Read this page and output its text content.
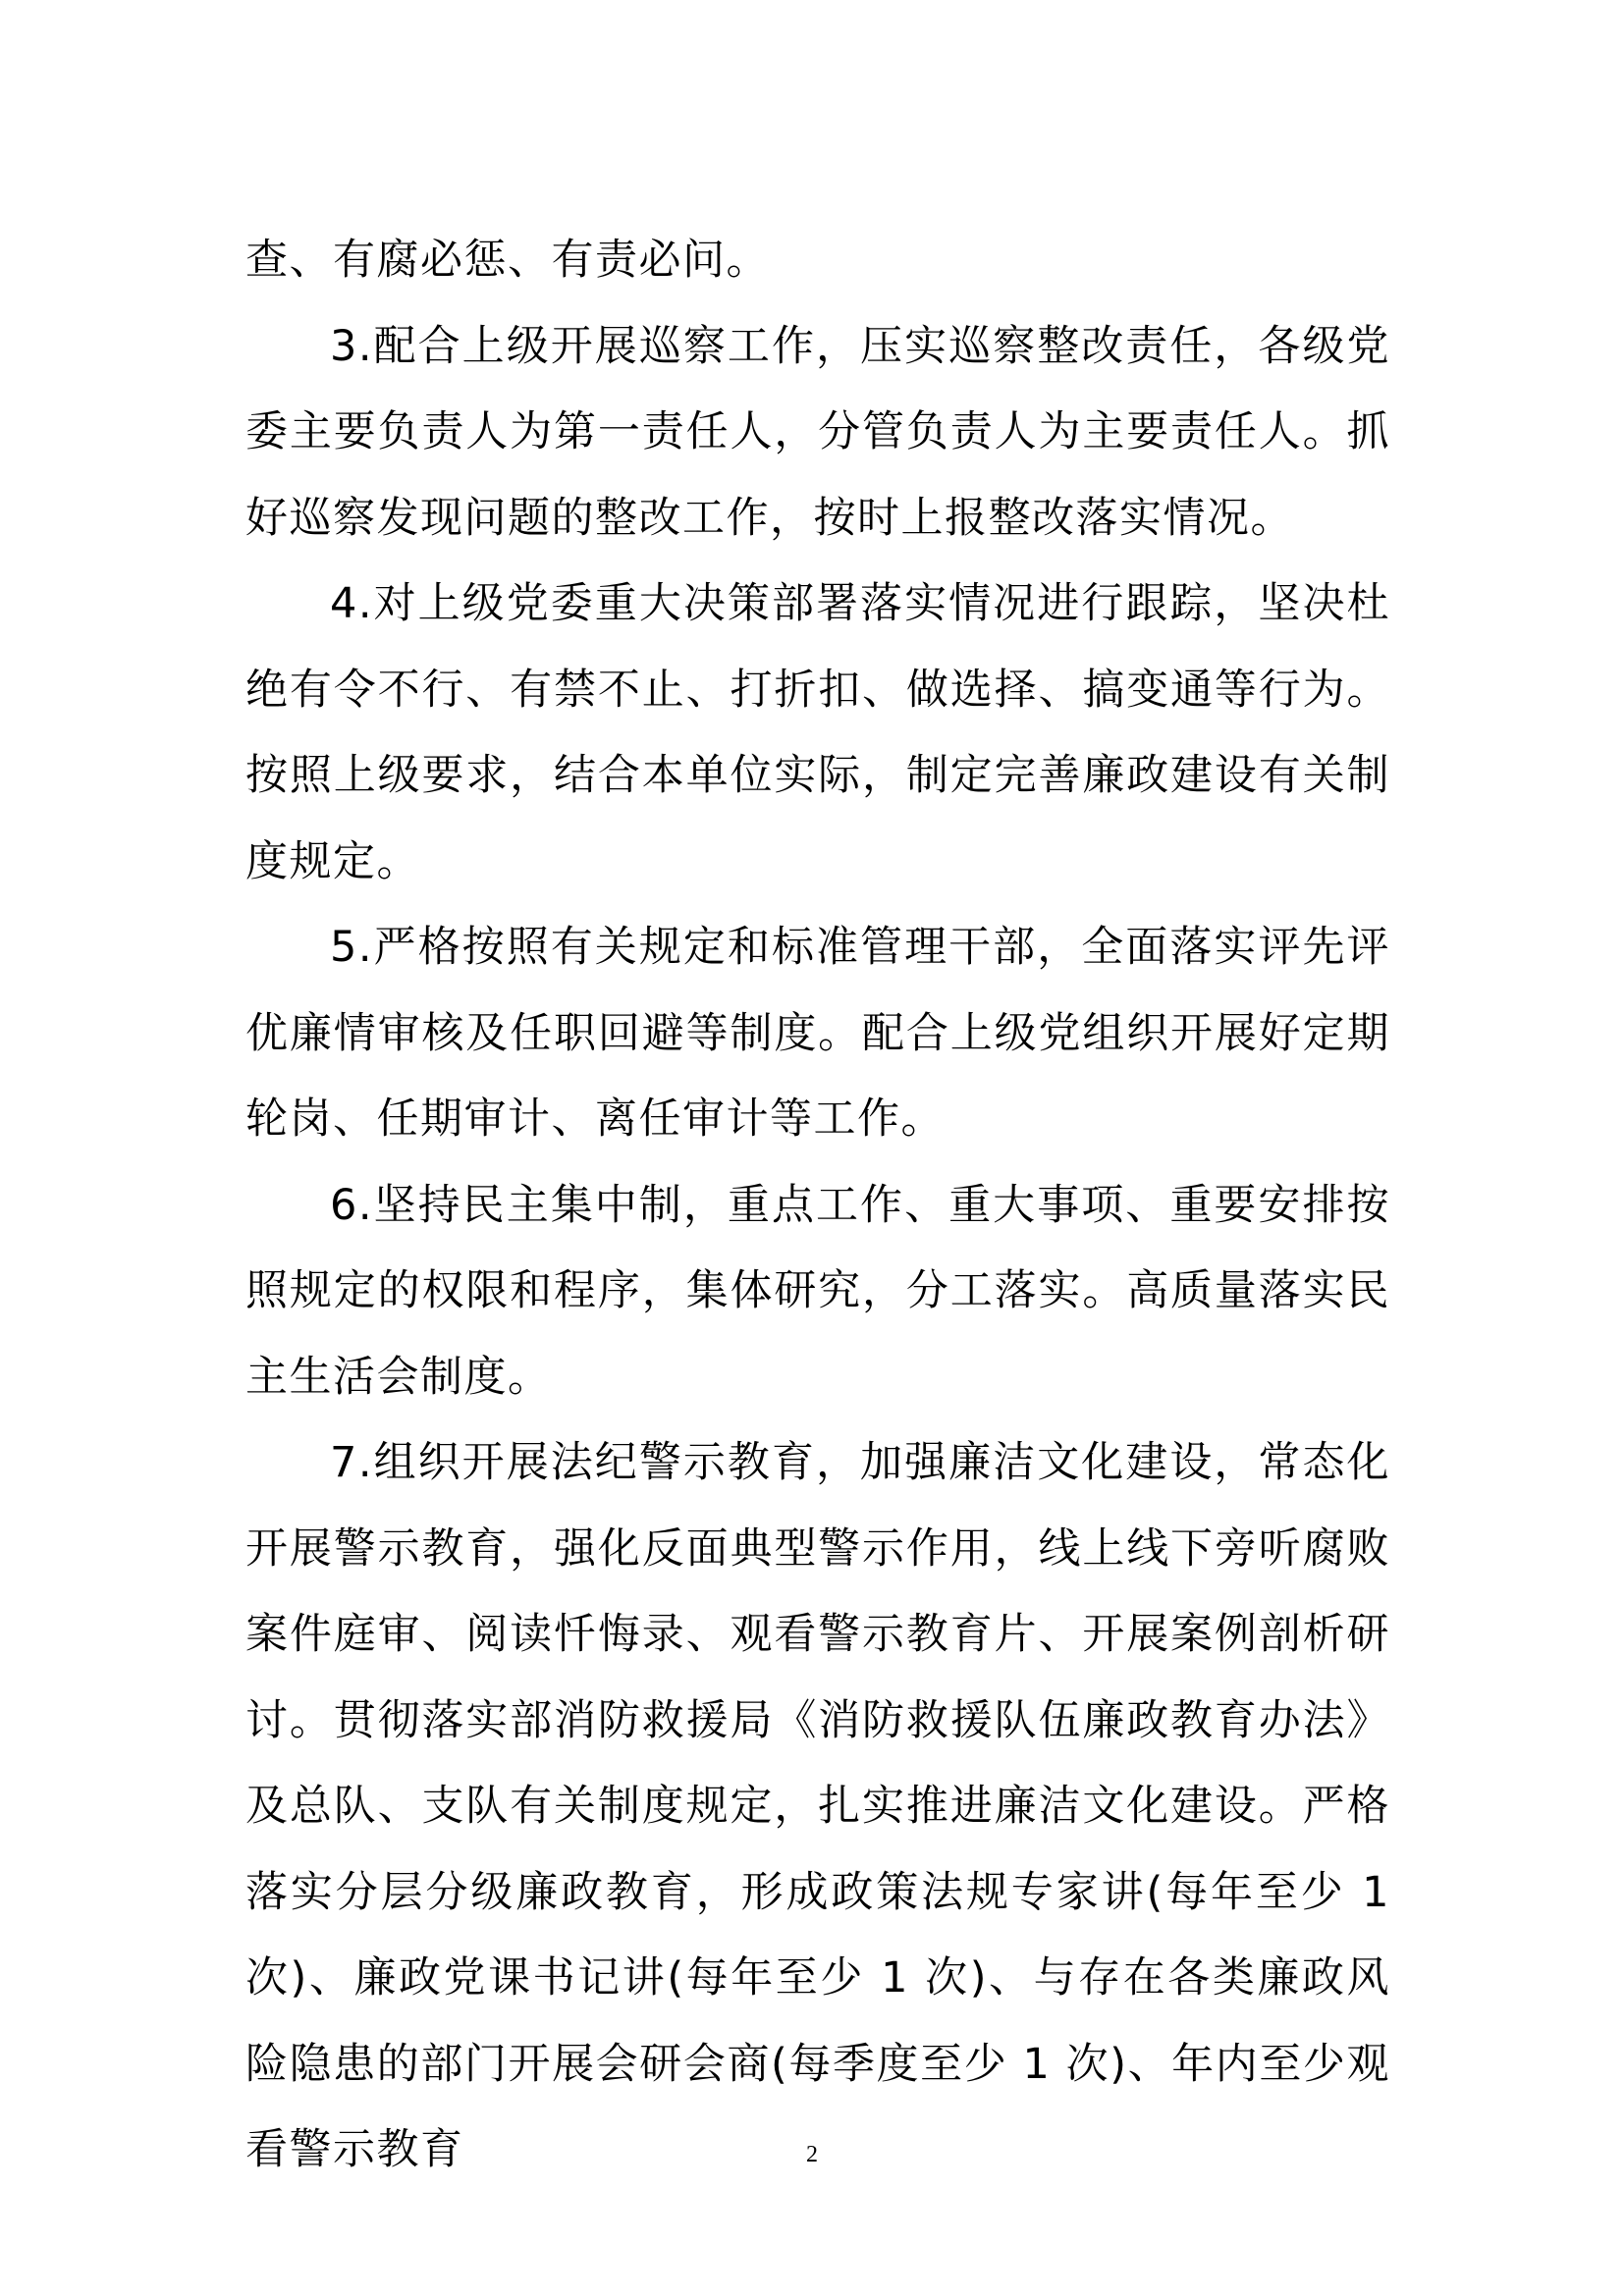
查、有腐必惩、有责必问。

3.配合上级开展巡察工作，压实巡察整改责任，各级党委主要负责人为第一责任人，分管负责人为主要责任人。抓好巡察发现问题的整改工作，按时上报整改落实情况。

4.对上级党委重大决策部署落实情况进行跟踪，坚决杜绝有令不行、有禁不止、打折扣、做选择、搞变通等行为。按照上级要求，结合本单位实际，制定完善廉政建设有关制度规定。

5.严格按照有关规定和标准管理干部，全面落实评先评优廉情审核及任职回避等制度。配合上级党组织开展好定期轮岗、任期审计、离任审计等工作。

6.坚持民主集中制，重点工作、重大事项、重要安排按照规定的权限和程序，集体研究，分工落实。高质量落实民主生活会制度。

7.组织开展法纪警示教育，加强廉洁文化建设，常态化开展警示教育，强化反面典型警示作用，线上线下旁听腐败案件庭审、阅读忏悔录、观看警示教育片、开展案例剖析研讨。贯彻落实部消防救援局《消防救援队伍廉政教育办法》及总队、支队有关制度规定，扎实推进廉洁文化建设。严格落实分层分级廉政教育，形成政策法规专家讲(每年至少 1 次)、廉政党课书记讲(每年至少 1 次)、与存在各类廉政风险隐患的部门开展会研会商(每季度至少 1 次)、年内至少观看警示教育	2
